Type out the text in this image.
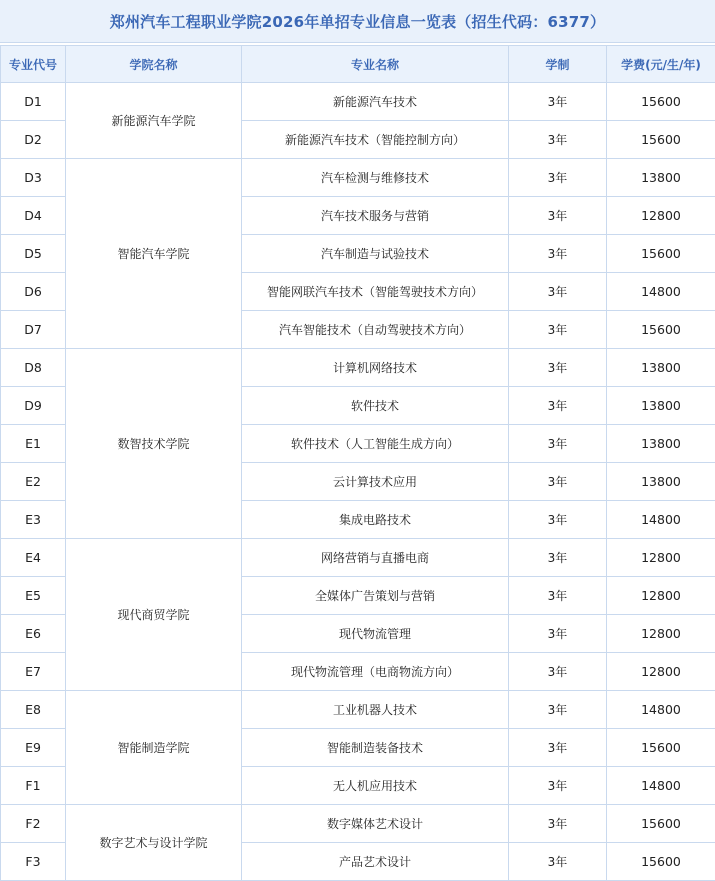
郑州汽车工程职业学院2026年单招专业信息一览表（招生代码：6377）
专业代号	学院名称	专业名称	学制	学费(元/生/年)
D1	新能源汽车学院	新能源汽车技术	3年	15600
D2		新能源汽车技术（智能控制方向）	3年	15600
D3	智能汽车学院	汽车检测与维修技术	3年	13800
D4		汽车技术服务与营销	3年	12800
D5		汽车制造与试验技术	3年	15600
D6		智能网联汽车技术（智能驾驶技术方向）	3年	14800
D7		汽车智能技术（自动驾驶技术方向）	3年	15600
D8	数智技术学院	计算机网络技术	3年	13800
D9		软件技术	3年	13800
E1		软件技术（人工智能生成方向）	3年	13800
E2		云计算技术应用	3年	13800
E3		集成电路技术	3年	14800
E4	现代商贸学院	网络营销与直播电商	3年	12800
E5		全媒体广告策划与营销	3年	12800
E6		现代物流管理	3年	12800
E7		现代物流管理（电商物流方向）	3年	12800
E8	智能制造学院	工业机器人技术	3年	14800
E9		智能制造装备技术	3年	15600
F1		无人机应用技术	3年	14800
F2	数字艺术与设计学院	数字媒体艺术设计	3年	15600
F3		产品艺术设计	3年	15600
